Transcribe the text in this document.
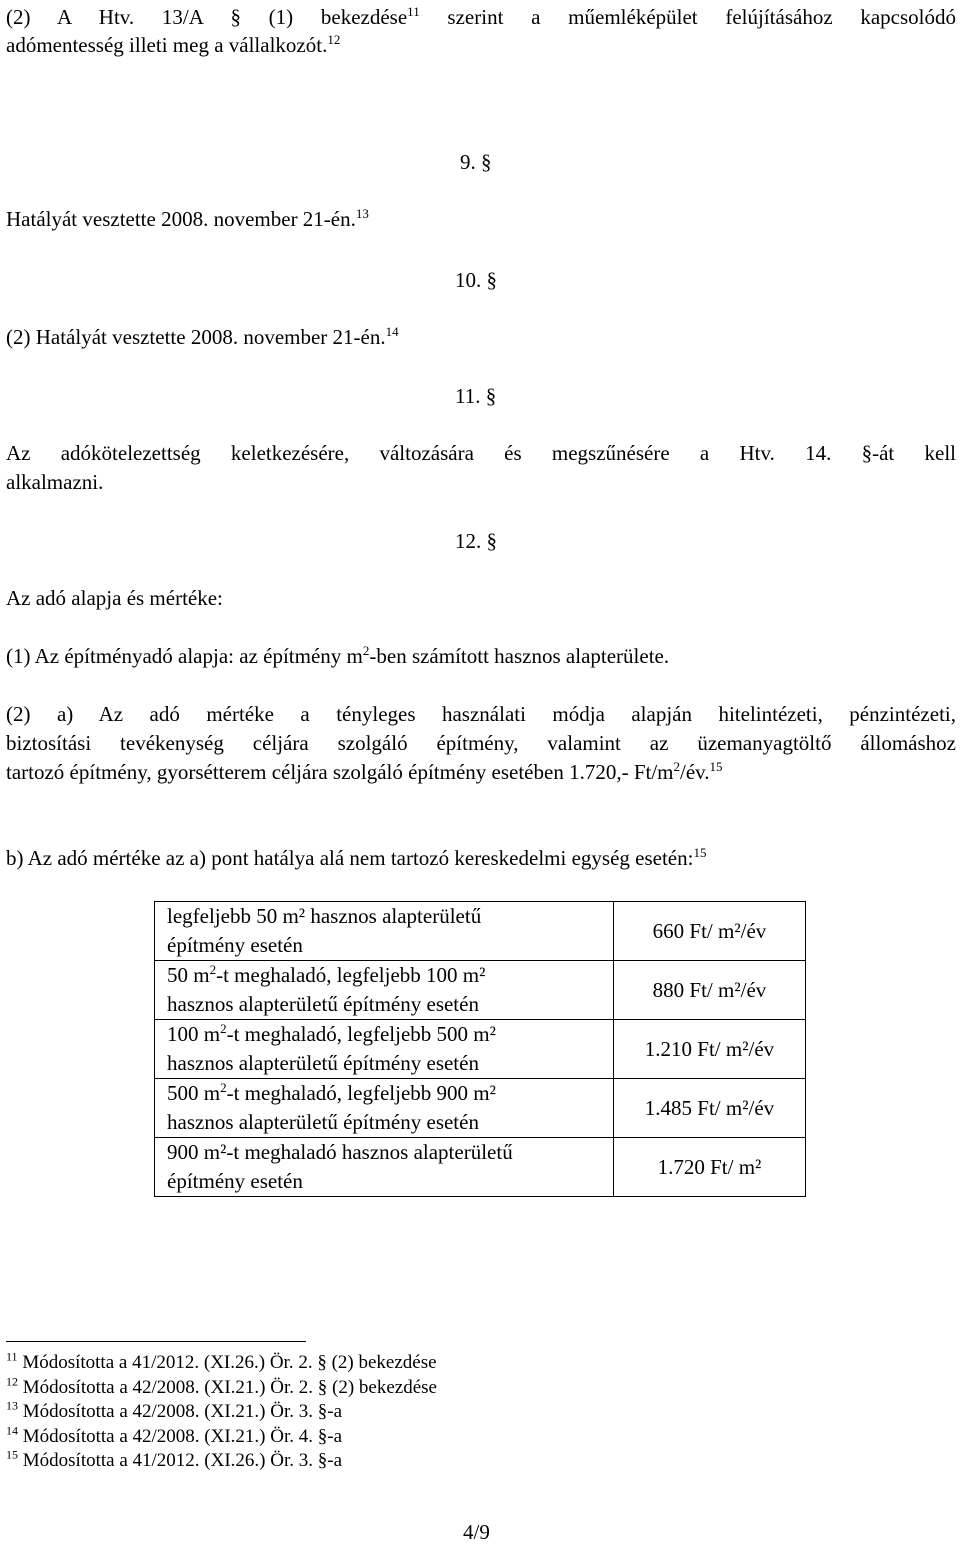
(2) A Htv. 13/A § (1) bekezdése$^{11}$ szerint a műemléképület felújításához kapcsolódó
adómentesség illeti meg a vállalkozót.$^{12}$
9. §
Hatályát vesztette 2008. november 21-én.$^{13}$
10. §
(2) Hatályát vesztette 2008. november 21-én.$^{14}$
11. §
Az adókötelezettség keletkezésére, változására és megszűnésére a Htv. 14. §-át kell
alkalmazni.
12. §
Az adó alapja és mértéke:
(1) Az építményadó alapja: az építmény $m^2$-ben számított hasznos alapterülete.
(2) a) Az adó mértéke a tényleges használati módja alapján hitelintézeti, pénzintézeti,
biztosítási tevékenység céljára szolgáló építmény, valamint az üzemanyagtöltő állomáshoz
tartozó építmény, gyorsétterem céljára szolgáló építmény esetében 1.720,- $Ft/m^2/év.^{15}$
b) Az adó mértéke az a) pont hatálya alá nem tartozó kereskedelmi egység esetén:$^{15}$
legfeljebb 50 m² hasznos alapterületű
építmény esetén	660 Ft/ m²/év
50 $m^2-t$ meghaladó, legfeljebb 100 m²
hasznos alapterületű építmény esetén	880 Ft/ m²/év
100 $m^2-t$ meghaladó, legfeljebb 500 m²
hasznos alapterületű építmény esetén	1.210 Ft/ m²/év
500 $m^2-t$ meghaladó, legfeljebb 900 m²
hasznos alapterületű építmény esetén	1.485 Ft/ m²/év
900 m²-t meghaladó hasznos alapterületű
építmény esetén	1.720 Ft/ m²
$^{11}$ Módosította a 41/2012. (XI.26.) Ör. 2. § (2) bekezdése
$^{12}$ Módosította a 42/2008. (XI.21.) Ör. 2. § (2) bekezdése
$^{13}$ Módosította a 42/2008. (XI.21.) Ör. 3. §-a
$^{14}$ Módosította a 42/2008. (XI.21.) Ör. 4. §-a
$^{15}$ Módosította a 41/2012. (XI.26.) Ör. 3. §-a
4/9
